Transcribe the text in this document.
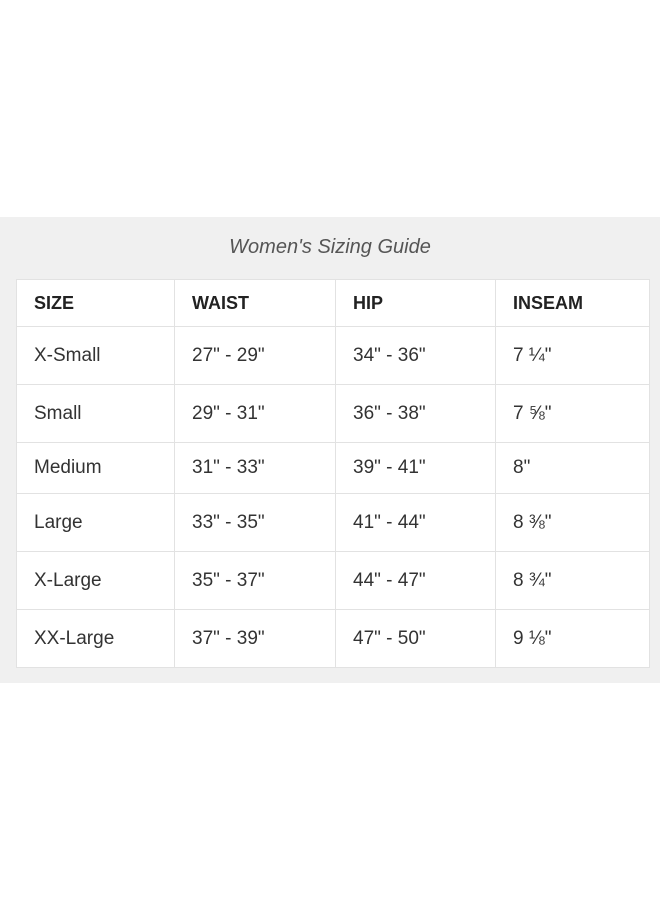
Women's Sizing Guide
SIZE	WAIST	HIP	INSEAM
X-Small	27" - 29"	34" - 36"	7 ¼"
Small	29" - 31"	36" - 38"	7 ⅝"
Medium	31" - 33"	39" - 41"	8"
Large	33" - 35"	41" - 44"	8 ⅜"
X-Large	35" - 37"	44" - 47"	8 ¾"
XX-Large	37" - 39"	47" - 50"	9 ⅛"
